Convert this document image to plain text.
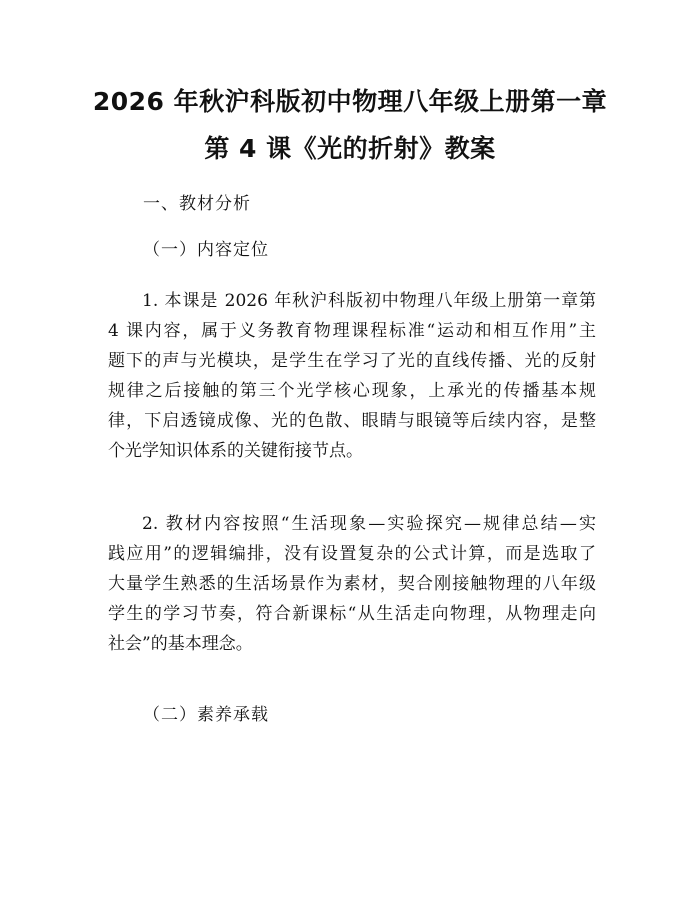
2026 年秋沪科版初中物理八年级上册第一章
第 4 课《光的折射》教案
一、教材分析
（一）内容定位
1. 本课是 2026 年秋沪科版初中物理八年级上册第一章第
4 课内容，属于义务教育物理课程标准“运动和相互作用”主
题下的声与光模块，是学生在学习了光的直线传播、光的反射
规律之后接触的第三个光学核心现象，上承光的传播基本规
律，下启透镜成像、光的色散、眼睛与眼镜等后续内容，是整
个光学知识体系的关键衔接节点。
2. 教材内容按照“生活现象—实验探究—规律总结—实
践应用”的逻辑编排，没有设置复杂的公式计算，而是选取了
大量学生熟悉的生活场景作为素材，契合刚接触物理的八年级
学生的学习节奏，符合新课标“从生活走向物理，从物理走向
社会”的基本理念。
（二）素养承载
